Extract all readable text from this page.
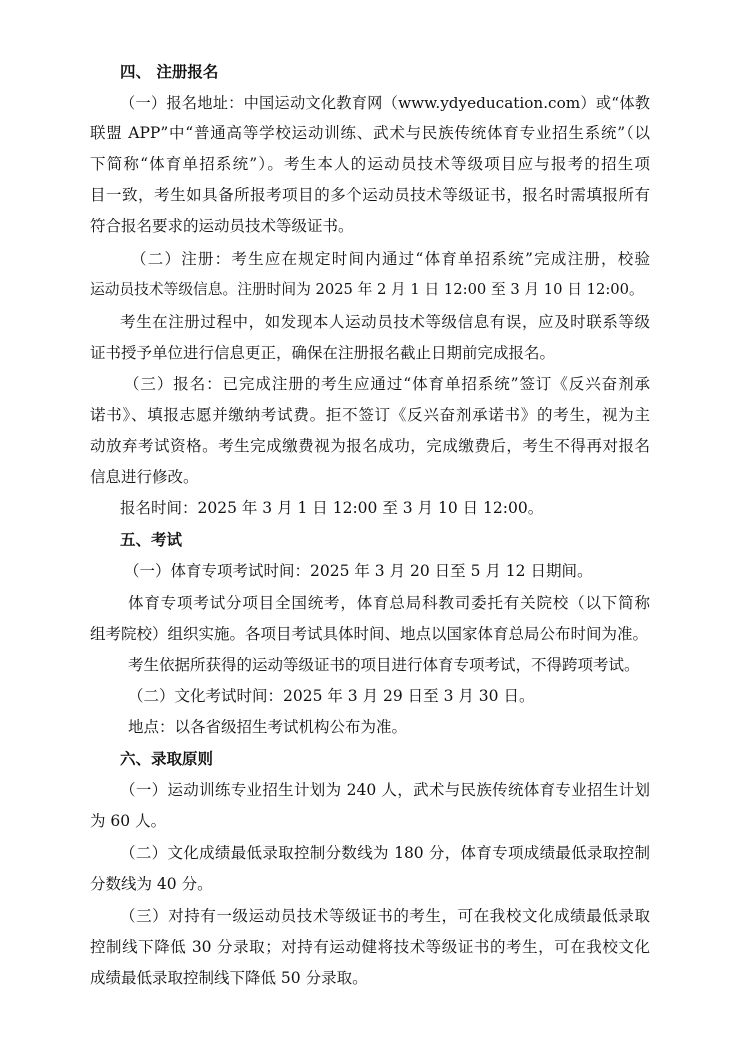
四、 注册报名
（一）报名地址：中国运动文化教育网（www.ydyeducation.com）或“体教
联盟 APP”中“普通高等学校运动训练、武术与民族传统体育专业招生系统”（以
下简称“体育单招系统”）。考生本人的运动员技术等级项目应与报考的招生项
目一致，考生如具备所报考项目的多个运动员技术等级证书，报名时需填报所有
符合报名要求的运动员技术等级证书。
（二）注册：考生应在规定时间内通过“体育单招系统”完成注册，校验
运动员技术等级信息。注册时间为 2025 年 2 月 1 日 12:00 至 3 月 10 日 12:00。
考生在注册过程中，如发现本人运动员技术等级信息有误，应及时联系等级
证书授予单位进行信息更正，确保在注册报名截止日期前完成报名。
（三）报名：已完成注册的考生应通过“体育单招系统”签订《反兴奋剂承
诺书》、填报志愿并缴纳考试费。拒不签订《反兴奋剂承诺书》的考生，视为主
动放弃考试资格。考生完成缴费视为报名成功，完成缴费后，考生不得再对报名
信息进行修改。
报名时间：2025 年 3 月 1 日 12:00 至 3 月 10 日 12:00。
五、考试
（一）体育专项考试时间：2025 年 3 月 20 日至 5 月 12 日期间。
体育专项考试分项目全国统考，体育总局科教司委托有关院校（以下简称
组考院校）组织实施。各项目考试具体时间、地点以国家体育总局公布时间为准。
考生依据所获得的运动等级证书的项目进行体育专项考试，不得跨项考试。
（二）文化考试时间：2025 年 3 月 29 日至 3 月 30 日。
地点：以各省级招生考试机构公布为准。
六、录取原则
（一）运动训练专业招生计划为 240 人，武术与民族传统体育专业招生计划
为 60 人。
（二）文化成绩最低录取控制分数线为 180 分，体育专项成绩最低录取控制
分数线为 40 分。
（三）对持有一级运动员技术等级证书的考生，可在我校文化成绩最低录取
控制线下降低 30 分录取；对持有运动健将技术等级证书的考生，可在我校文化
成绩最低录取控制线下降低 50 分录取。
